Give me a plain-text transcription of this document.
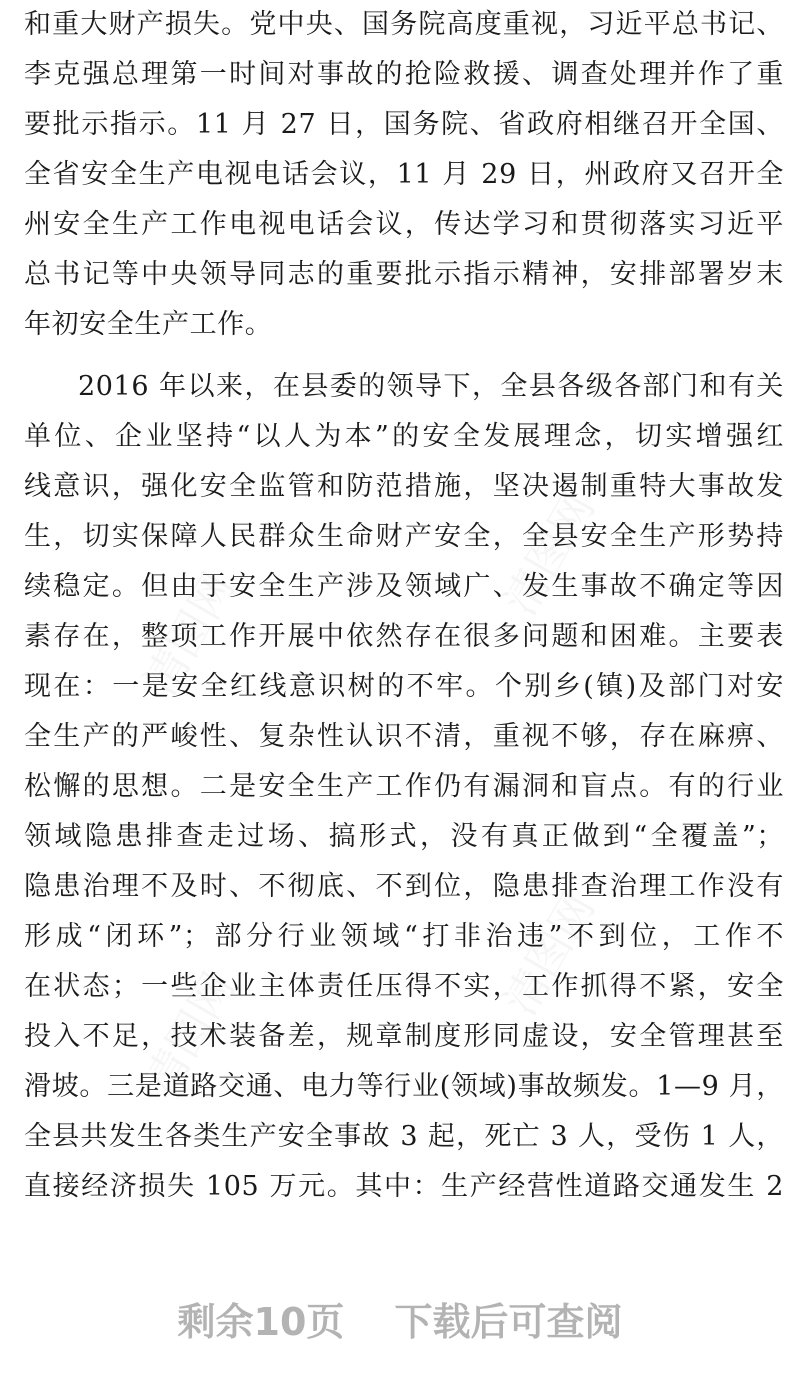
清图网
清图网
清图网
清图网
和重大财产损失。党中央、国务院高度重视，习近平总书记、
李克强总理第一时间对事故的抢险救援、调查处理并作了重
要批示指示。11 月 27 日，国务院、省政府相继召开全国、
全省安全生产电视电话会议，11 月 29 日，州政府又召开全
州安全生产工作电视电话会议，传达学习和贯彻落实习近平
总书记等中央领导同志的重要批示指示精神，安排部署岁末
年初安全生产工作。
2016 年以来，在县委的领导下，全县各级各部门和有关
单位、企业坚持“以人为本”的安全发展理念，切实增强红
线意识，强化安全监管和防范措施，坚决遏制重特大事故发
生，切实保障人民群众生命财产安全，全县安全生产形势持
续稳定。但由于安全生产涉及领域广、发生事故不确定等因
素存在，整项工作开展中依然存在很多问题和困难。主要表
现在：一是安全红线意识树的不牢。个别乡(镇)及部门对安
全生产的严峻性、复杂性认识不清，重视不够，存在麻痹、
松懈的思想。二是安全生产工作仍有漏洞和盲点。有的行业
领域隐患排查走过场、搞形式，没有真正做到“全覆盖”；
隐患治理不及时、不彻底、不到位，隐患排查治理工作没有
形成“闭环”；部分行业领域“打非治违”不到位，工作不
在状态；一些企业主体责任压得不实，工作抓得不紧，安全
投入不足，技术装备差，规章制度形同虚设，安全管理甚至
滑坡。三是道路交通、电力等行业(领域)事故频发。1—9 月，
全县共发生各类生产安全事故 3 起，死亡 3 人，受伤 1 人，
直接经济损失 105 万元。其中：生产经营性道路交通发生 2
剩余10页 下载后可查阅
